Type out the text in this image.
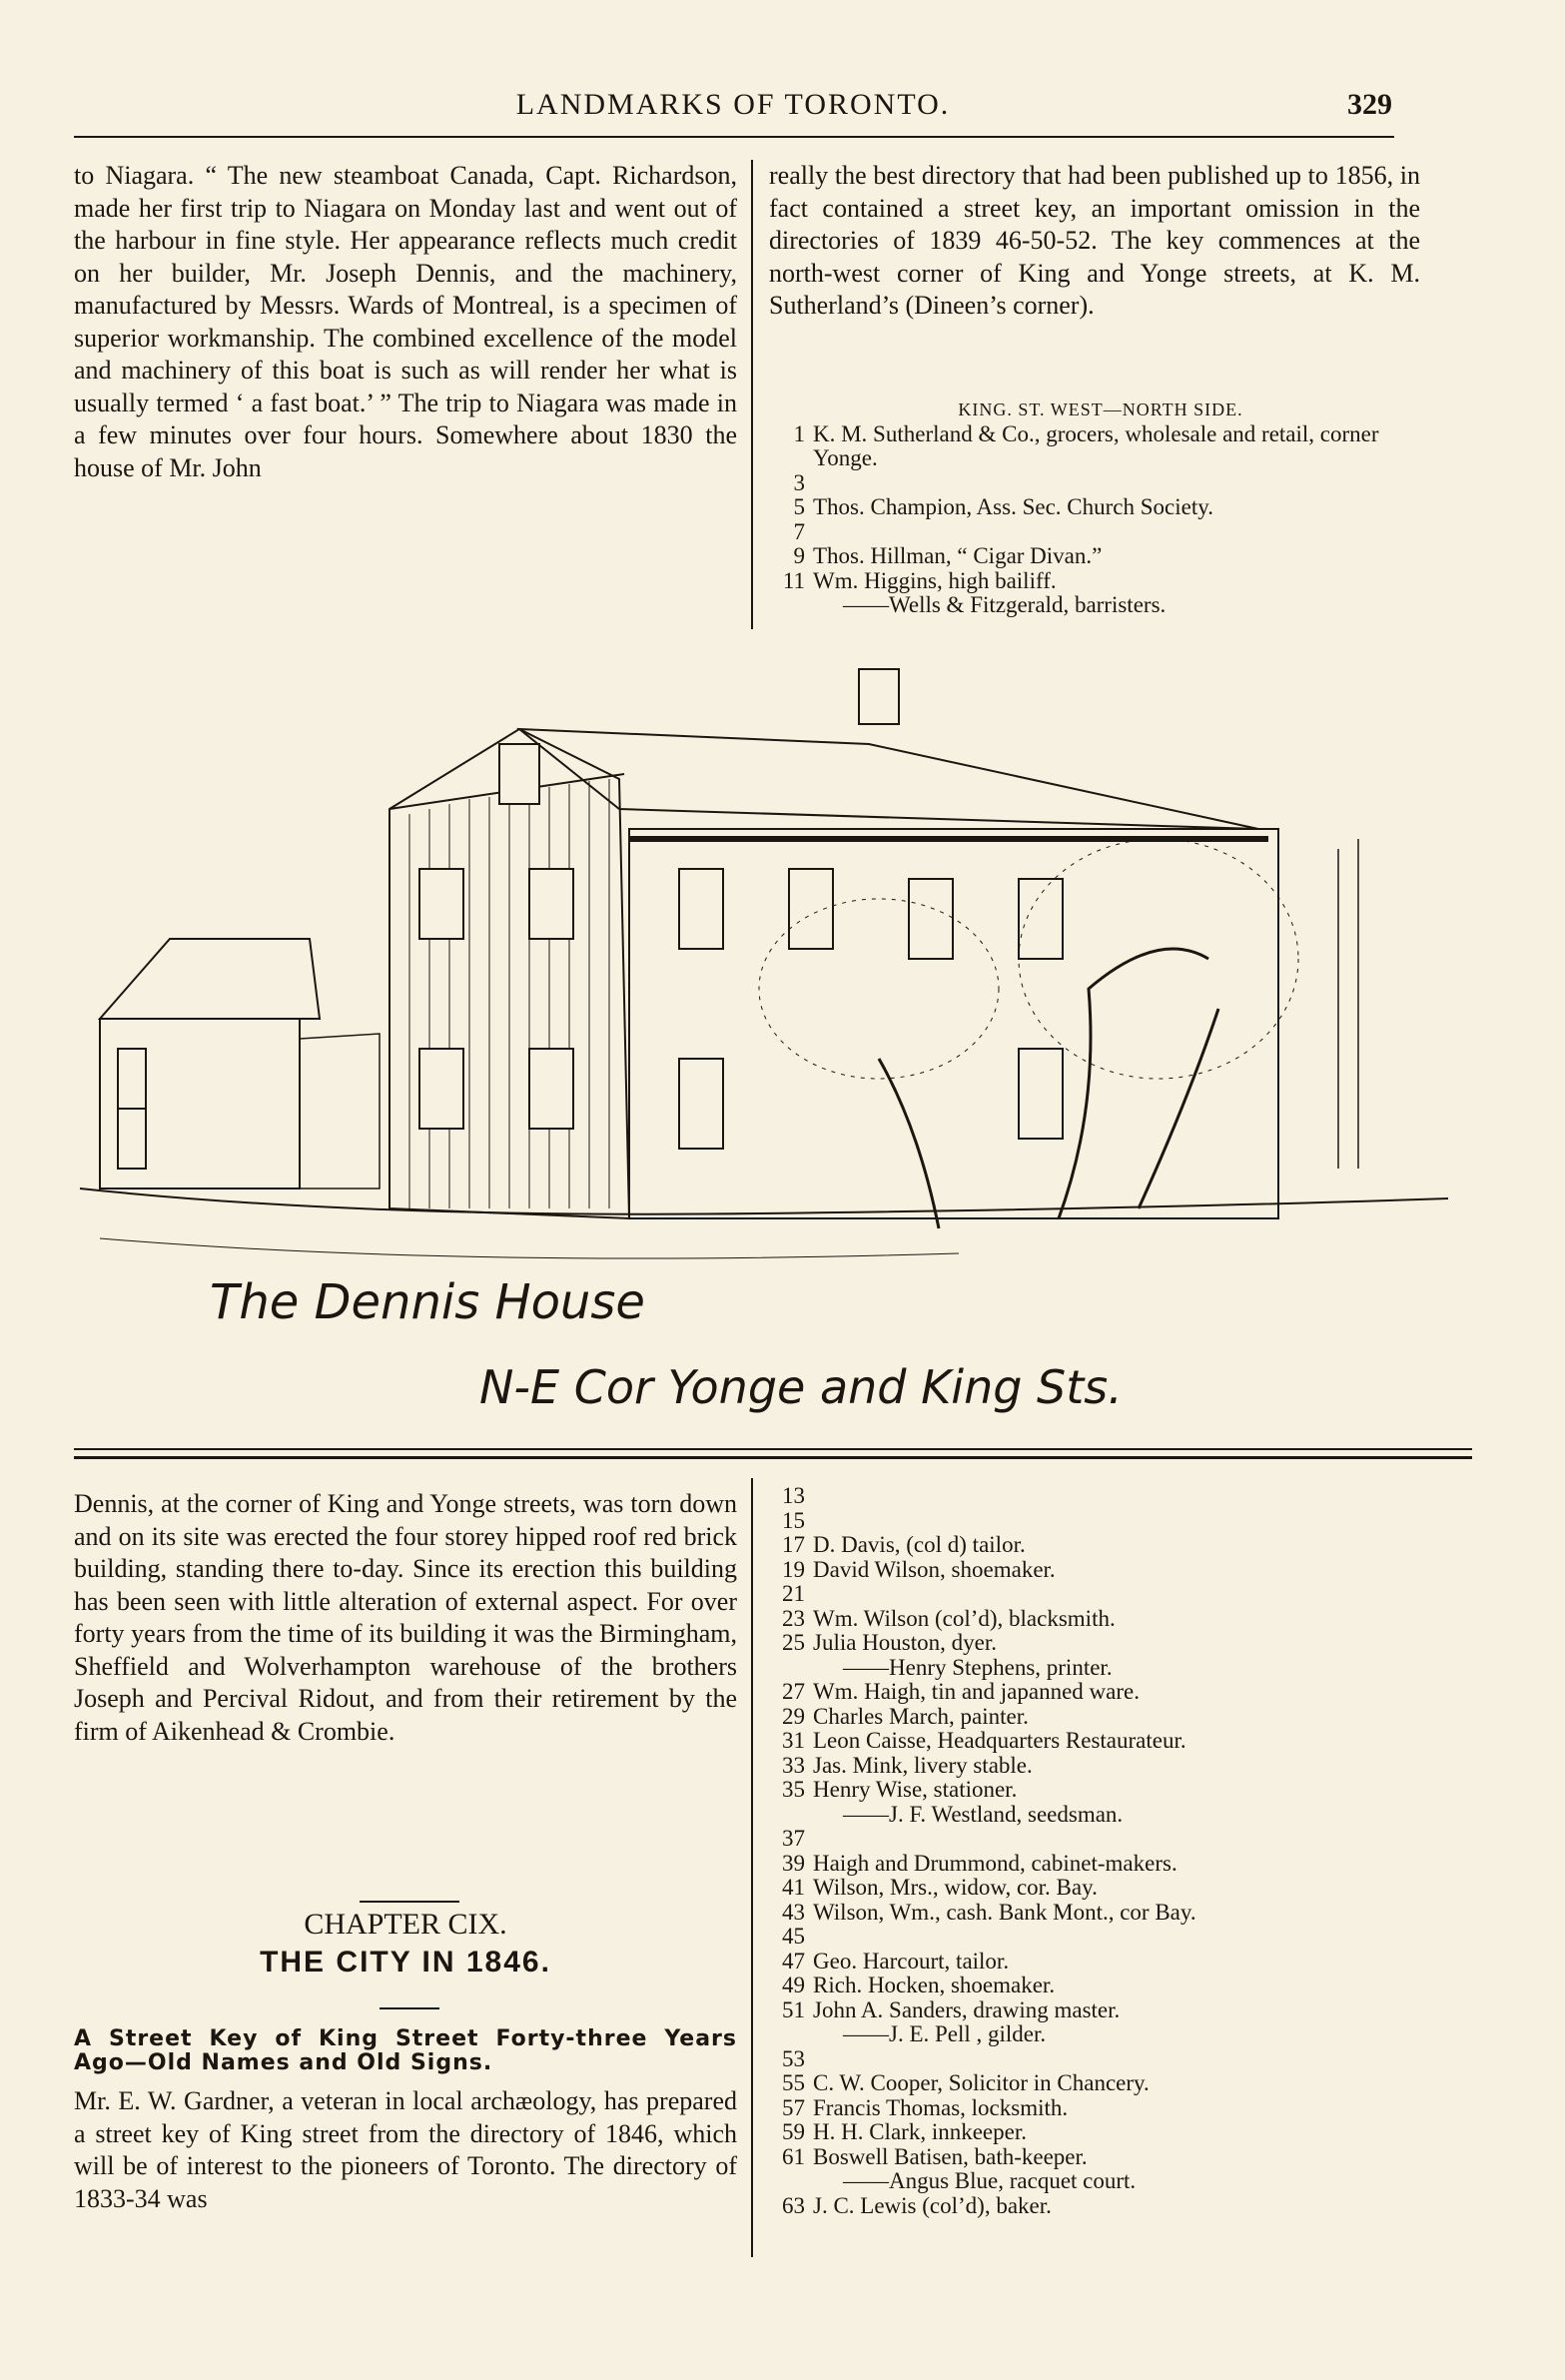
LANDMARKS OF TORONTO.	329

to Niagara. “ The new steamboat Canada, Capt. Richardson, made her first trip to Niagara on Monday last and went out of the harbour in fine style. Her appearance reflects much credit on her builder, Mr. Joseph Dennis, and the machinery, manufactured by Messrs. Wards of Montreal, is a specimen of superior workmanship. The combined excellence of the model and machinery of this boat is such as will render her what is usually termed ‘ a fast boat.’ ” The trip to Niagara was made in a few minutes over four hours. Somewhere about 1830 the house of Mr. John

really the best directory that had been published up to 1856, in fact contained a street key, an important omission in the directories of 1839 46-50-52. The key commences at the north-west corner of King and Yonge streets, at K. M. Sutherland’s (Dineen’s corner).

KING. ST. WEST—NORTH SIDE.
1 K. M. Sutherland & Co., grocers, wholesale and retail, corner Yonge.
3
5 Thos. Champion, Ass. Sec. Church Society.
7
9 Thos. Hillman, “ Cigar Divan.”
11 Wm. Higgins, high bailiff.
——Wells & Fitzgerald, barristers.
The Dennis House
N-E Cor Yonge and King Sts.

Dennis, at the corner of King and Yonge streets, was torn down and on its site was erected the four storey hipped roof red brick building, standing there to-day. Since its erection this building has been seen with little alteration of external aspect. For over forty years from the time of its building it was the Birmingham, Sheffield and Wolverhampton warehouse of the brothers Joseph and Percival Ridout, and from their retirement by the firm of Aikenhead & Crombie.

CHAPTER CIX.
THE CITY IN 1846.
A Street Key of King Street Forty-three Years Ago—Old Names and Old Signs.

Mr. E. W. Gardner, a veteran in local archæology, has prepared a street key of King street from the directory of 1846, which will be of interest to the pioneers of Toronto. The directory of 1833-34 was

13
15
17 D. Davis, (col d) tailor.
19 David Wilson, shoemaker.
21
23 Wm. Wilson (col’d), blacksmith.
25 Julia Houston, dyer.
——Henry Stephens, printer.
27 Wm. Haigh, tin and japanned ware.
29 Charles March, painter.
31 Leon Caisse, Headquarters Restaurateur.
33 Jas. Mink, livery stable.
35 Henry Wise, stationer.
——J. F. Westland, seedsman.
37
39 Haigh and Drummond, cabinet-makers.
41 Wilson, Mrs., widow, cor. Bay.
43 Wilson, Wm., cash. Bank Mont., cor Bay.
45
47 Geo. Harcourt, tailor.
49 Rich. Hocken, shoemaker.
51 John A. Sanders, drawing master.
——J. E. Pell , gilder.
53
55 C. W. Cooper, Solicitor in Chancery.
57 Francis Thomas, locksmith.
59 H. H. Clark, innkeeper.
61 Boswell Batisen, bath-keeper.
——Angus Blue, racquet court.
63 J. C. Lewis (col’d), baker.
